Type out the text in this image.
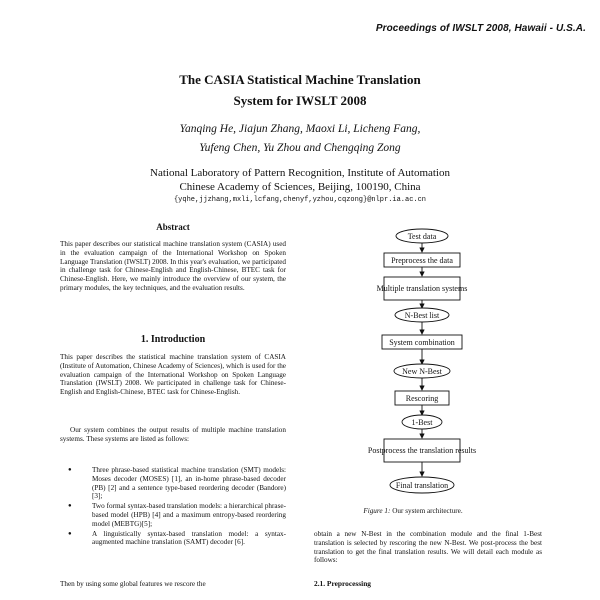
Proceedings of IWSLT 2008, Hawaii - U.S.A.
The CASIA Statistical Machine Translation
System for IWSLT 2008
Yanqing He, Jiajun Zhang, Maoxi Li, Licheng Fang,
Yufeng Chen, Yu Zhou and Chengqing Zong
National Laboratory of Pattern Recognition, Institute of Automation
Chinese Academy of Sciences, Beijing, 100190, China
{yqhe,jjzhang,mxli,lcfang,chenyf,yzhou,cqzong}@nlpr.ia.ac.cn
Abstract
This paper describes our statistical machine translation system (CASIA) used in the evaluation campaign of the International Workshop on Spoken Language Translation (IWSLT) 2008. In this year's evaluation, we participated in challenge task for Chinese-English and English-Chinese, BTEC task for Chinese-English. Here, we mainly introduce the overview of our system, the primary modules, the key techniques, and the evaluation results.
1. Introduction
This paper describes the statistical machine translation system of CASIA (Institute of Automation, Chinese Academy of Sciences), which is used for the evaluation campaign of the International Workshop on Spoken Language Translation (IWSLT) 2008. We participated in challenge task for Chinese-English and English-Chinese, BTEC task for Chinese-English.
Our system combines the output results of multiple machine translation systems. These systems are listed as follows:
● Three phrase-based statistical machine translation (SMT) models: Moses decoder (MOSES) [1], an in-home phrase-based decoder (PB) [2] and a sentence type-based reordering decoder (Bandore) [3];
● Two formal syntax-based translation models: a hierarchical phrase-based model (HPB) [4] and a maximum entropy-based reordering model (MEBTG)[5];
● A linguistically syntax-based translation model: a syntax-augmented machine translation (SAMT) decoder [6].
Then by using some global features we rescore the
Test data
Preprocess the data
Multiple translation systems
N-Best list
System combination
New N-Best
Rescoring
1-Best
Postprocess the translation results
Final translation
Figure 1: Our system architecture.
obtain a new N-Best in the combination module and the final 1-Best translation is selected by rescoring the new N-Best. We post-process the best translation to get the final translation results. We will detail each module as follows:
2.1. Preprocessing
